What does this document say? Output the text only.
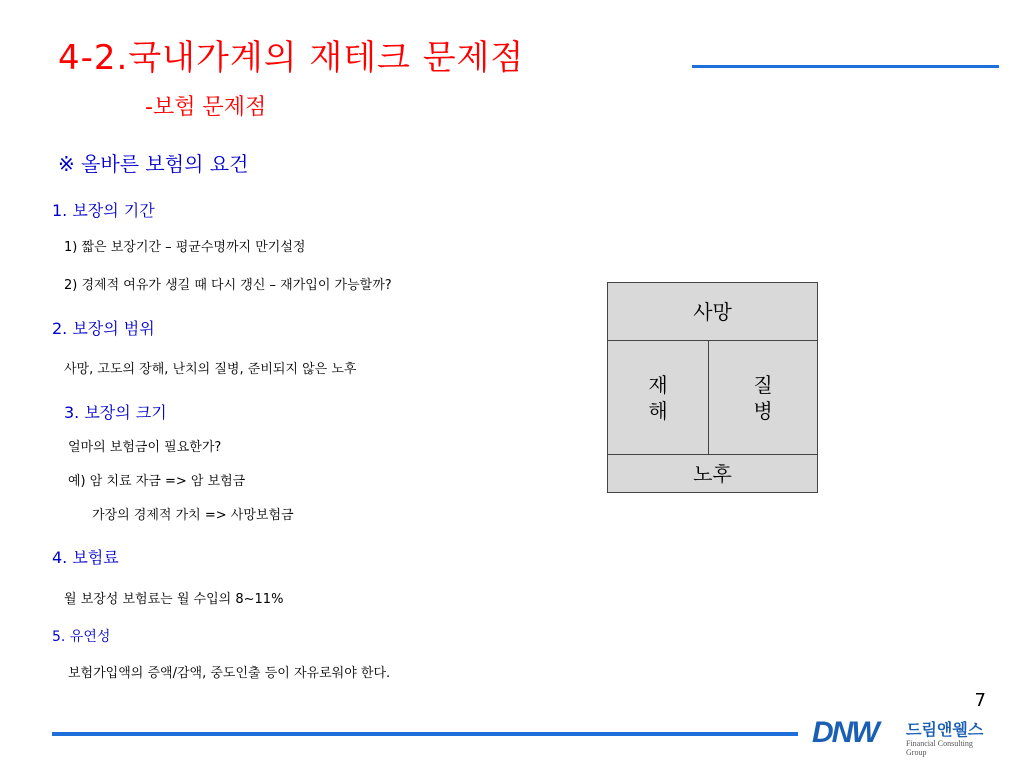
4-2.국내가계의 재테크 문제점
-보험 문제점
※ 올바른 보험의 요건
1. 보장의 기간
1) 짧은 보장기간 – 평균수명까지 만기설정
2) 경제적 여유가 생길 때 다시 갱신 – 재가입이 가능할까?
2. 보장의 범위
사망, 고도의 장해, 난치의 질병, 준비되지 않은 노후
3. 보장의 크기
얼마의 보험금이 필요한가?
예) 암 치료 자금 => 암 보험금
가장의 경제적 가치 => 사망보험금
4. 보험료
월 보장성 보험료는 월 수입의 8~11%
5. 유연성
보험가입액의 증액/감액, 중도인출 등이 자유로워야 한다.
사망
재
해
질
병
노후
7
DNW 드림앤웰스
Financial Consulting Group
